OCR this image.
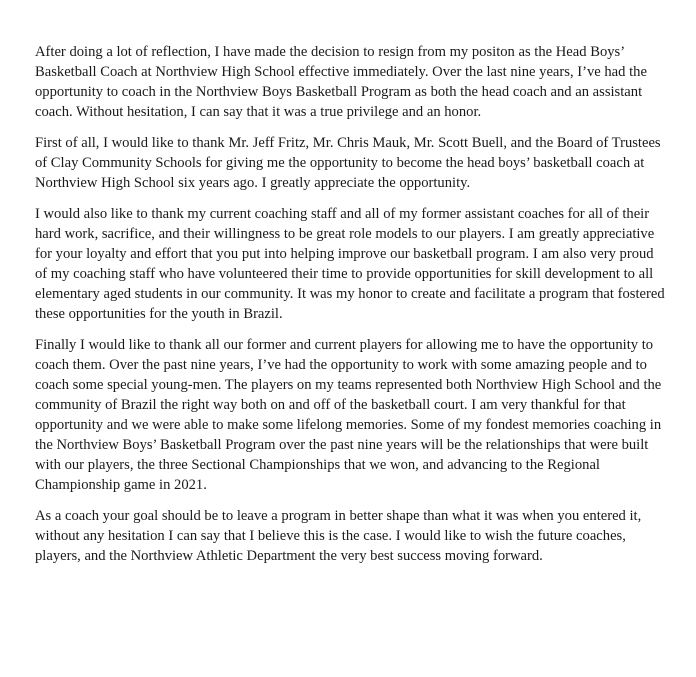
After doing a lot of reflection, I have made the decision to resign from my positon as the Head Boys’ Basketball Coach at Northview High School effective immediately. Over the last nine years, I’ve had the opportunity to coach in the Northview Boys Basketball Program as both the head coach and an assistant coach. Without hesitation, I can say that it was a true privilege and an honor.

First of all, I would like to thank Mr. Jeff Fritz, Mr. Chris Mauk, Mr. Scott Buell, and the Board of Trustees of Clay Community Schools for giving me the opportunity to become the head boys’ basketball coach at Northview High School six years ago. I greatly appreciate the opportunity.

I would also like to thank my current coaching staff and all of my former assistant coaches for all of their hard work, sacrifice, and their willingness to be great role models to our players. I am greatly appreciative for your loyalty and effort that you put into helping improve our basketball program. I am also very proud of my coaching staff who have volunteered their time to provide opportunities for skill development to all elementary aged students in our community. It was my honor to create and facilitate a program that fostered these opportunities for the youth in Brazil.

Finally I would like to thank all our former and current players for allowing me to have the opportunity to coach them. Over the past nine years, I’ve had the opportunity to work with some amazing people and to coach some special young-men. The players on my teams represented both Northview High School and the community of Brazil the right way both on and off of the basketball court. I am very thankful for that opportunity and we were able to make some lifelong memories. Some of my fondest memories coaching in the Northview Boys’ Basketball Program over the past nine years will be the relationships that were built with our players, the three Sectional Championships that we won, and advancing to the Regional Championship game in 2021.

As a coach your goal should be to leave a program in better shape than what it was when you entered it, without any hesitation I can say that I believe this is the case. I would like to wish the future coaches, players, and the Northview Athletic Department the very best success moving forward.
